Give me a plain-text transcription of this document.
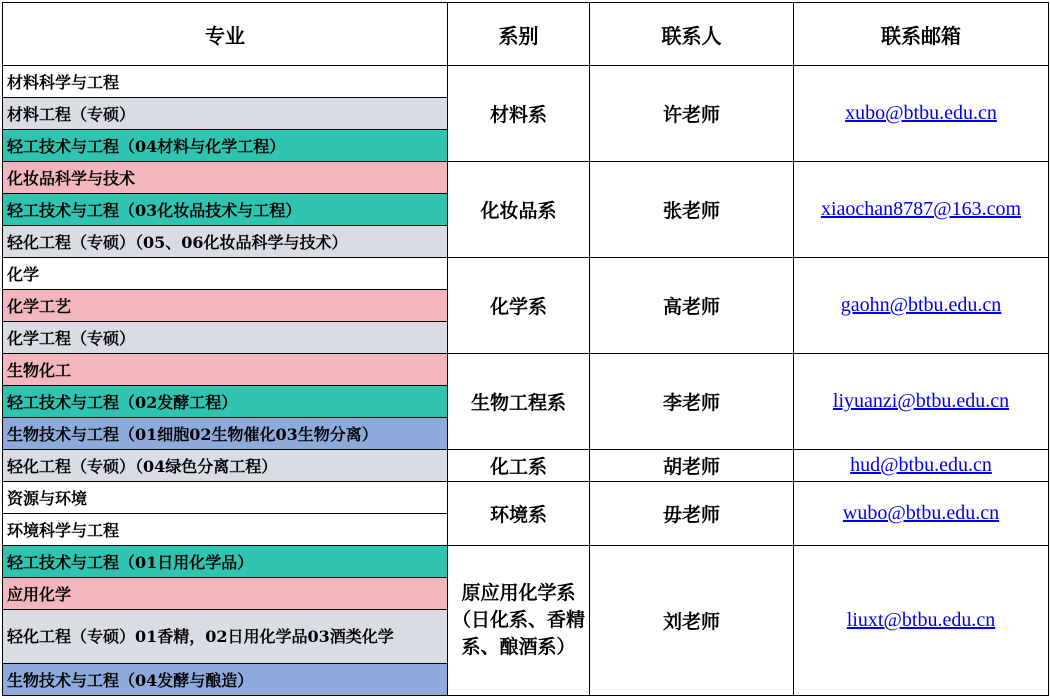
专业	系别	联系人	联系邮箱
材料科学与工程	材料系	许老师	xubo@btbu.edu.cn
材料工程（专硕）			
轻工技术与工程（04材料与化学工程）			
化妆品科学与技术	化妆品系	张老师	xiaochan8787@163.com
轻工技术与工程（03化妆品技术与工程）			
轻化工程（专硕）（05、06化妆品科学与技术）			
化学	化学系	高老师	gaohn@btbu.edu.cn
化学工艺			
化学工程（专硕）			
生物化工	生物工程系	李老师	liyuanzi@btbu.edu.cn
轻工技术与工程（02发酵工程）			
生物技术与工程（01细胞02生物催化03生物分离）			
轻化工程（专硕）（04绿色分离工程）	化工系	胡老师	hud@btbu.edu.cn
资源与环境	环境系	毋老师	wubo@btbu.edu.cn
环境科学与工程			
轻工技术与工程（01日用化学品）	原应用化学系（日化系、香精系、酿酒系）	刘老师	liuxt@btbu.edu.cn
应用化学			
轻化工程（专硕）01香精，02日用化学品03酒类化学			
生物技术与工程（04发酵与酿造）			
